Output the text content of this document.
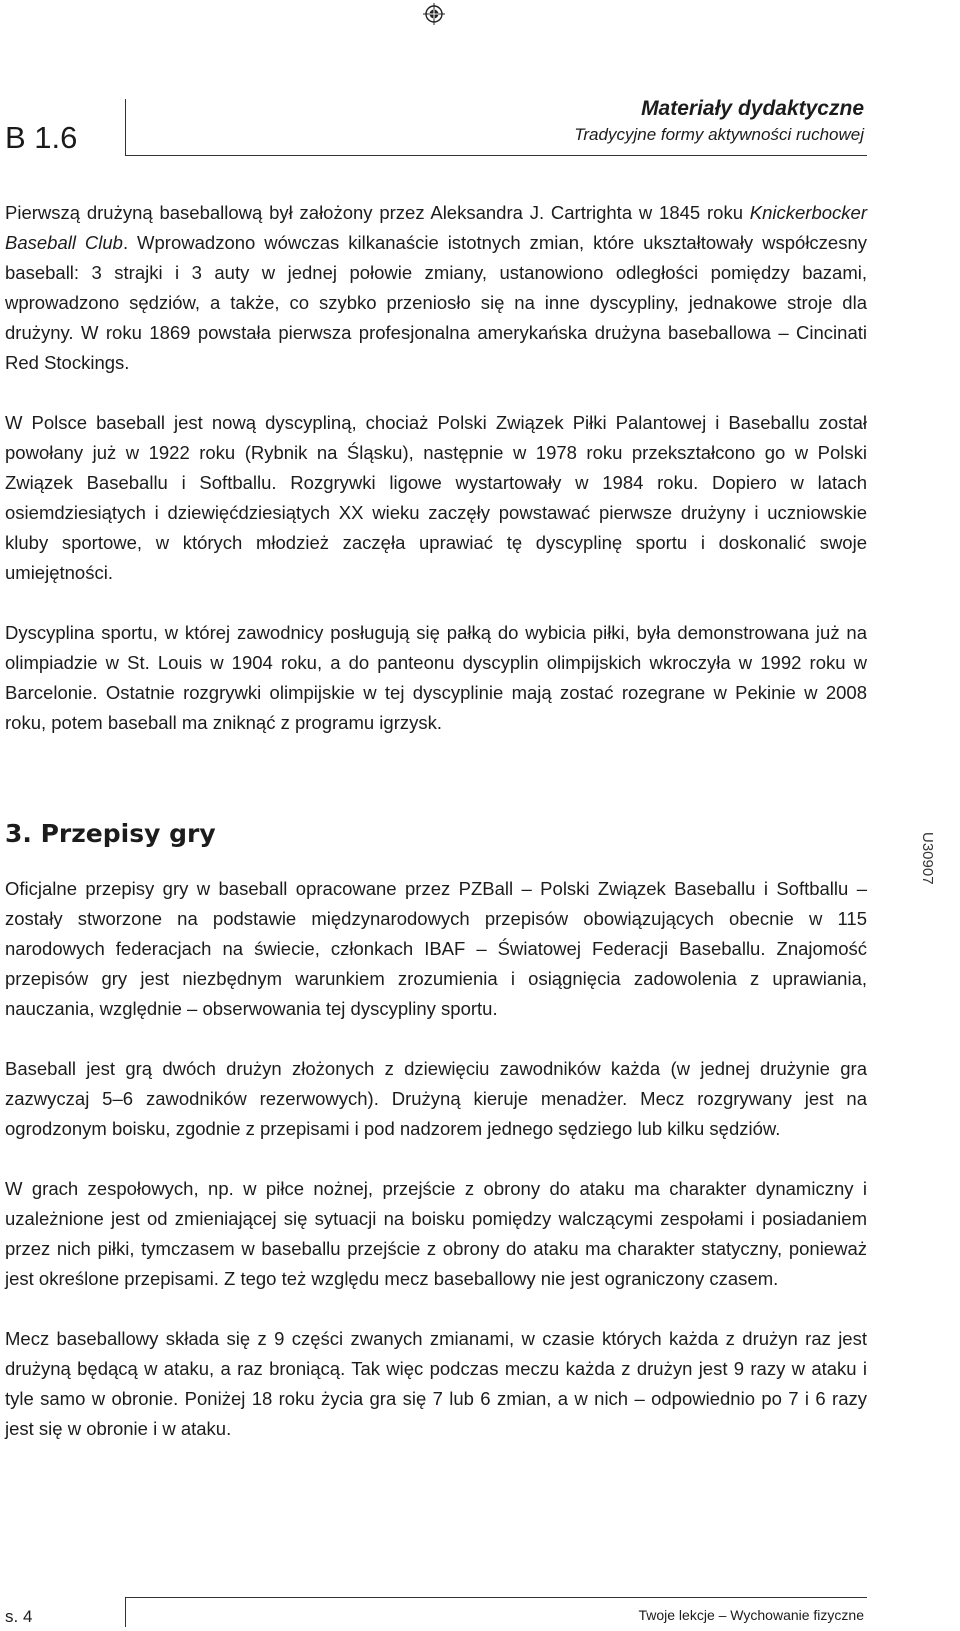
B 1.6
Materiały dydaktyczne
Tradycyjne formy aktywności ruchowej

Pierwszą drużyną baseballową był założony przez Aleksandra J. Cartrighta w 1845 roku Knickerbocker Baseball Club. Wprowadzono wówczas kilkanaście istotnych zmian, które ukształtowały współczesny baseball: 3 strajki i 3 auty w jednej połowie zmiany, ustanowiono odległości pomiędzy bazami, wprowadzono sędziów, a także, co szybko przeniosło się na inne dyscypliny, jednakowe stroje dla drużyny. W roku 1869 powstała pierwsza profesjonalna amerykańska drużyna baseballowa – Cincinati Red Stockings.

W Polsce baseball jest nową dyscypliną, chociaż Polski Związek Piłki Palantowej i Baseballu został powołany już w 1922 roku (Rybnik na Śląsku), następnie w 1978 roku przekształcono go w Polski Związek Baseballu i Softballu. Rozgrywki ligowe wystartowały w 1984 roku. Dopiero w latach osiemdziesiątych i dziewięćdziesiątych XX wieku zaczęły powstawać pierwsze drużyny i uczniowskie kluby sportowe, w których młodzież zaczęła uprawiać tę dyscyplinę sportu i doskonalić swoje umiejętności.

Dyscyplina sportu, w której zawodnicy posługują się pałką do wybicia piłki, była demonstrowana już na olimpiadzie w St. Louis w 1904 roku, a do panteonu dyscyplin olimpijskich wkroczyła w 1992 roku w Barcelonie. Ostatnie rozgrywki olimpijskie w tej dyscyplinie mają zostać rozegrane w Pekinie w 2008 roku, potem baseball ma zniknąć z programu igrzysk.

3. Przepisy gry

Oficjalne przepisy gry w baseball opracowane przez PZBall – Polski Związek Baseballu i Softballu – zostały stworzone na podstawie międzynarodowych przepisów obowiązujących obecnie w 115 narodowych federacjach na świecie, członkach IBAF – Światowej Federacji Baseballu. Znajomość przepisów gry jest niezbędnym warunkiem zrozumienia i osiągnięcia zadowolenia z uprawiania, nauczania, względnie – obserwowania tej dyscypliny sportu.

Baseball jest grą dwóch drużyn złożonych z dziewięciu zawodników każda (w jednej drużynie gra zazwyczaj 5–6 zawodników rezerwowych). Drużyną kieruje menadżer. Mecz rozgrywany jest na ogrodzonym boisku, zgodnie z przepisami i pod nadzorem jednego sędziego lub kilku sędziów.

W grach zespołowych, np. w piłce nożnej, przejście z obrony do ataku ma charakter dynamiczny i uzależnione jest od zmieniającej się sytuacji na boisku pomiędzy walczącymi zespołami i posiadaniem przez nich piłki, tymczasem w baseballu przejście z obrony do ataku ma charakter statyczny, ponieważ jest określone przepisami. Z tego też względu mecz baseballowy nie jest ograniczony czasem.

Mecz baseballowy składa się z 9 części zwanych zmianami, w czasie których każda z drużyn raz jest drużyną będącą w ataku, a raz broniącą. Tak więc podczas meczu każda z drużyn jest 9 razy w ataku i tyle samo w obronie. Poniżej 18 roku życia gra się 7 lub 6 zmian, a w nich – odpowiednio po 7 i 6 razy jest się w obronie i w ataku.

U30907
s. 4	Twoje lekcje – Wychowanie fizyczne
